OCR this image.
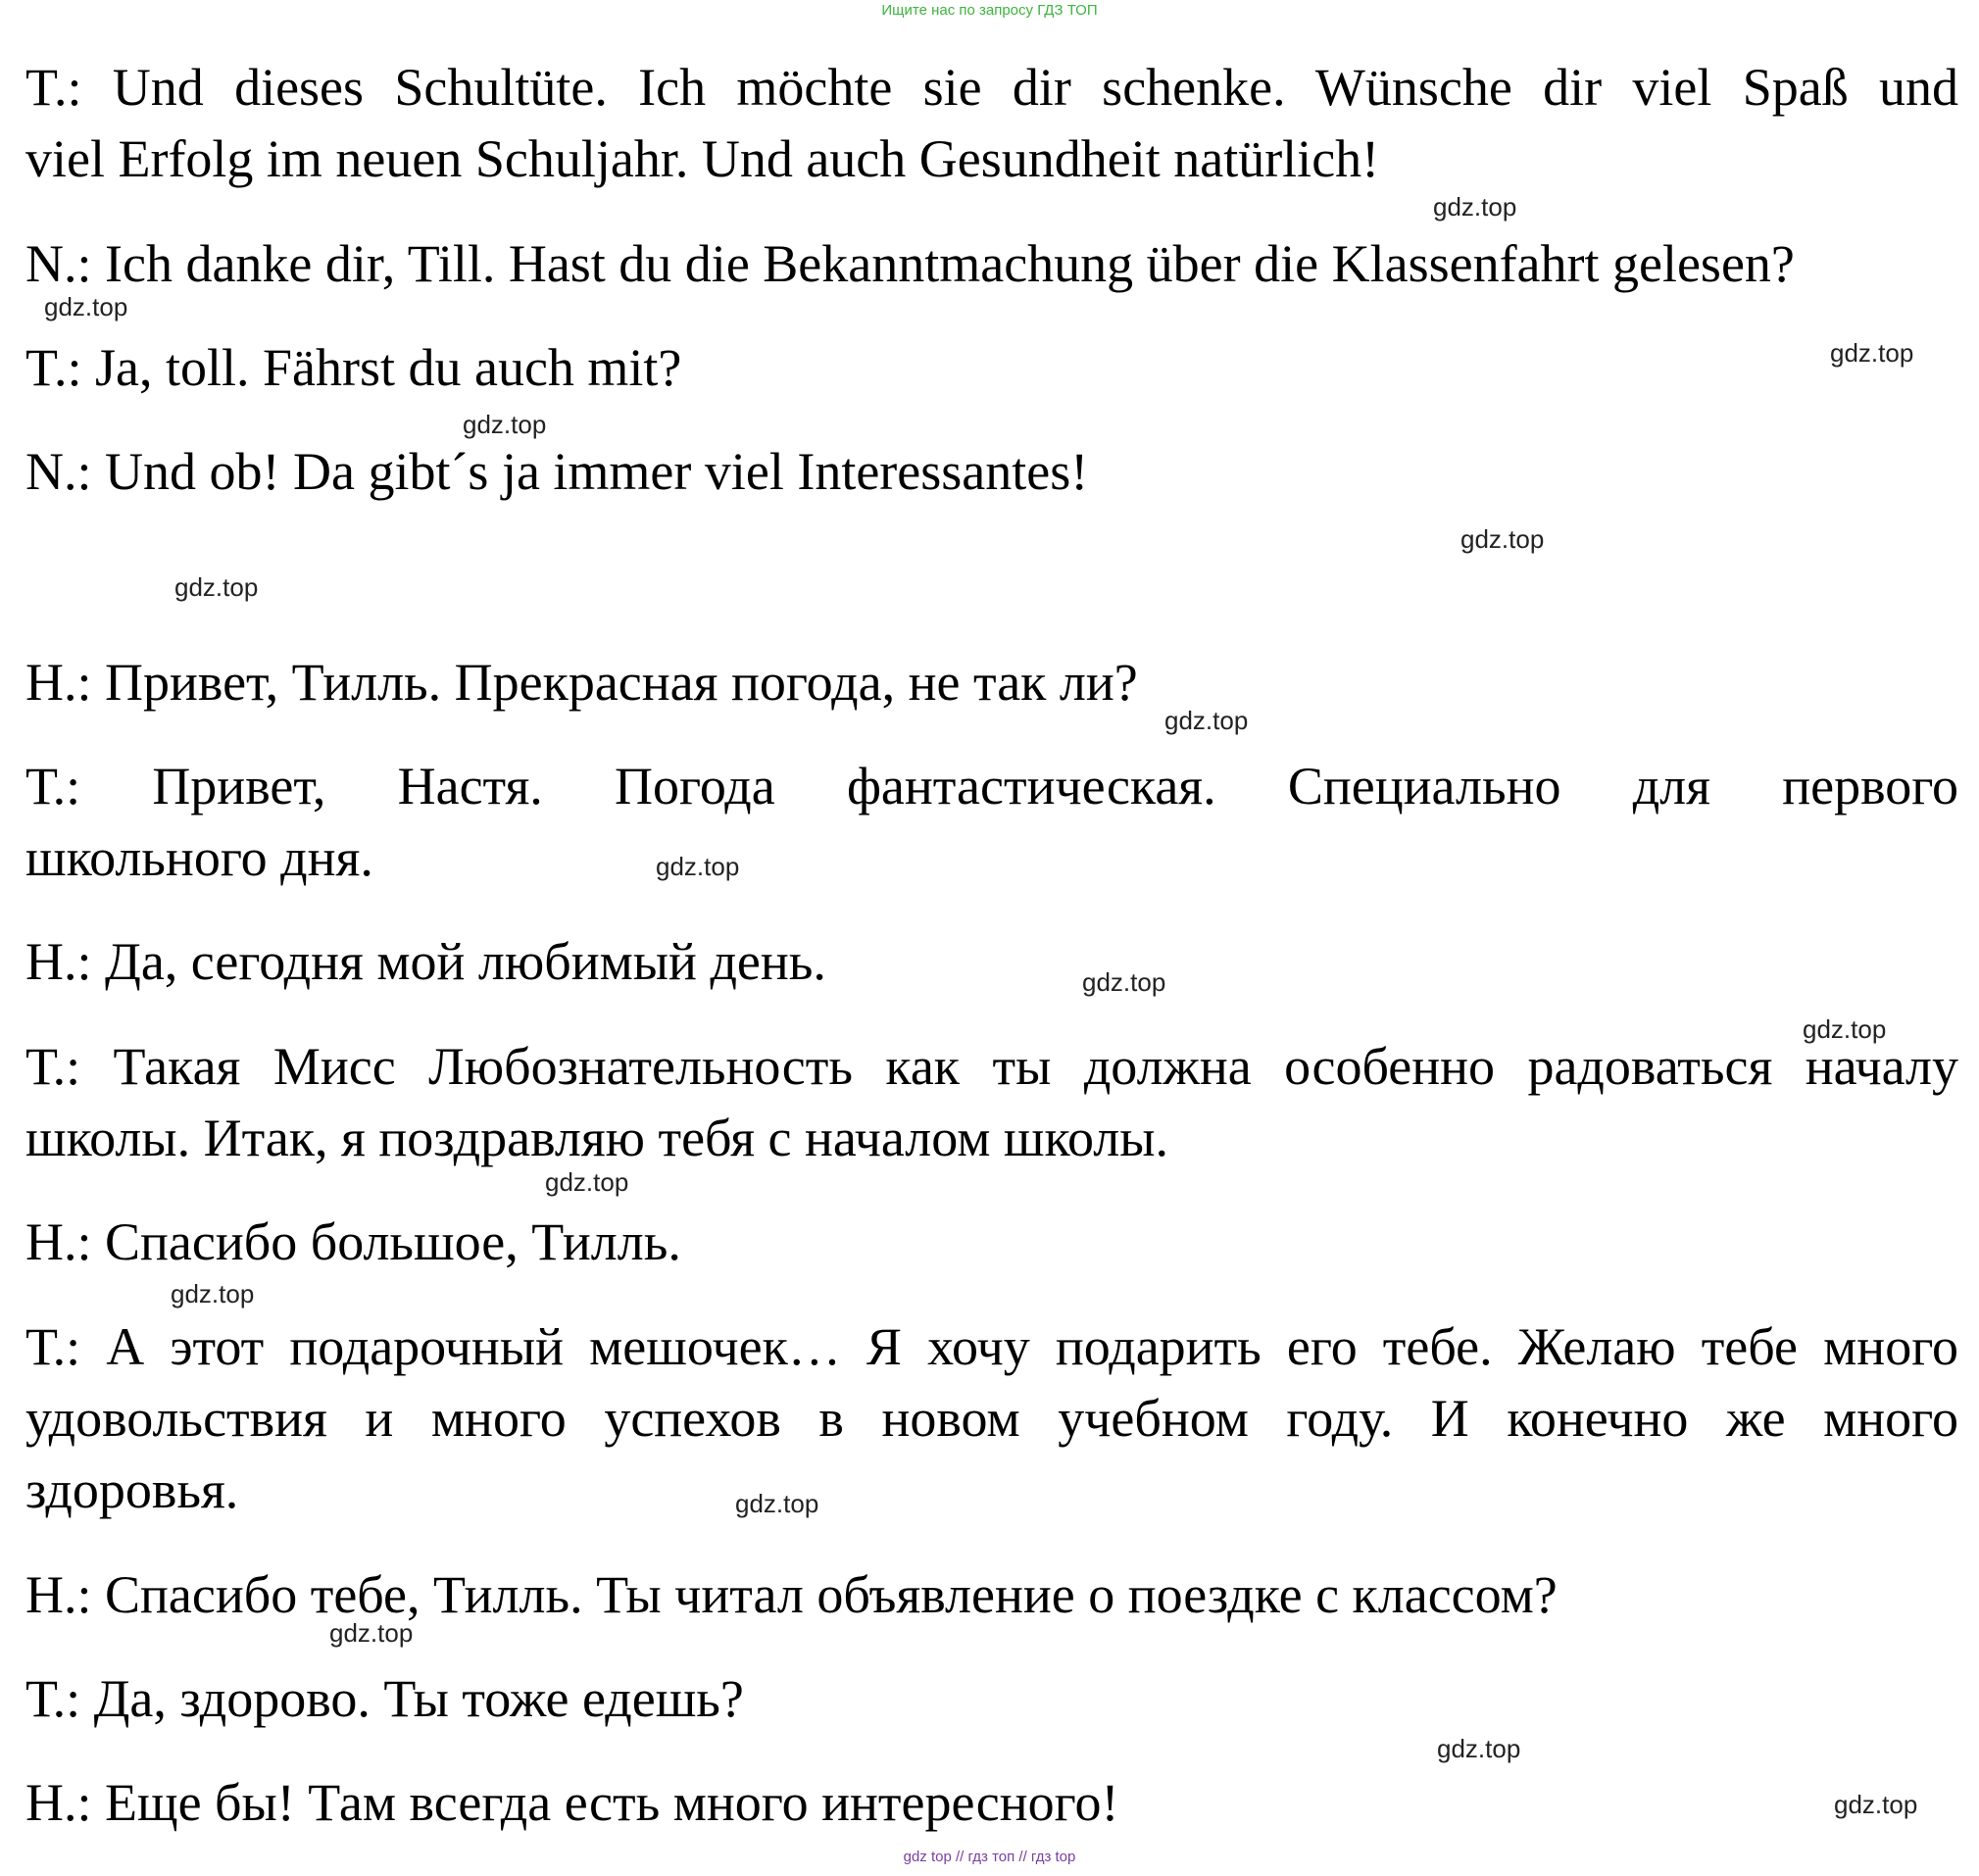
Ищите нас по запросу ГДЗ ТОП

T.: Und dieses Schultüte. Ich möchte sie dir schenke. Wünsche dir viel Spaß und

viel Erfolg im neuen Schuljahr. Und auch Gesundheit natürlich!

N.: Ich danke dir, Till. Hast du die Bekanntmachung über die Klassenfahrt gelesen?

T.: Ja, toll. Fährst du auch mit?

N.: Und ob! Da gibt´s ja immer viel Interessantes!

Н.: Привет, Тилль. Прекрасная погода, не так ли?

Т.: Привет, Настя. Погода фантастическая. Специально для первого

школьного дня.

Н.: Да, сегодня мой любимый день.

Т.: Такая Мисс Любознательность как ты должна особенно радоваться началу

школы. Итак, я поздравляю тебя с началом школы.

Н.: Спасибо большое, Тилль.

Т.: А этот подарочный мешочек… Я хочу подарить его тебе. Желаю тебе много

удовольствия и много успехов в новом учебном году. И конечно же много

здоровья.

Н.: Спасибо тебе, Тилль. Ты читал объявление о поездке с классом?

Т.: Да, здорово. Ты тоже едешь?

Н.: Еще бы! Там всегда есть много интересного!

gdz.top
gdz.top
gdz.top
gdz.top
gdz.top
gdz.top
gdz.top
gdz.top
gdz.top
gdz.top
gdz.top
gdz.top
gdz.top
gdz.top
gdz.top
gdz.top
gdz top // гдз топ // гдз top
